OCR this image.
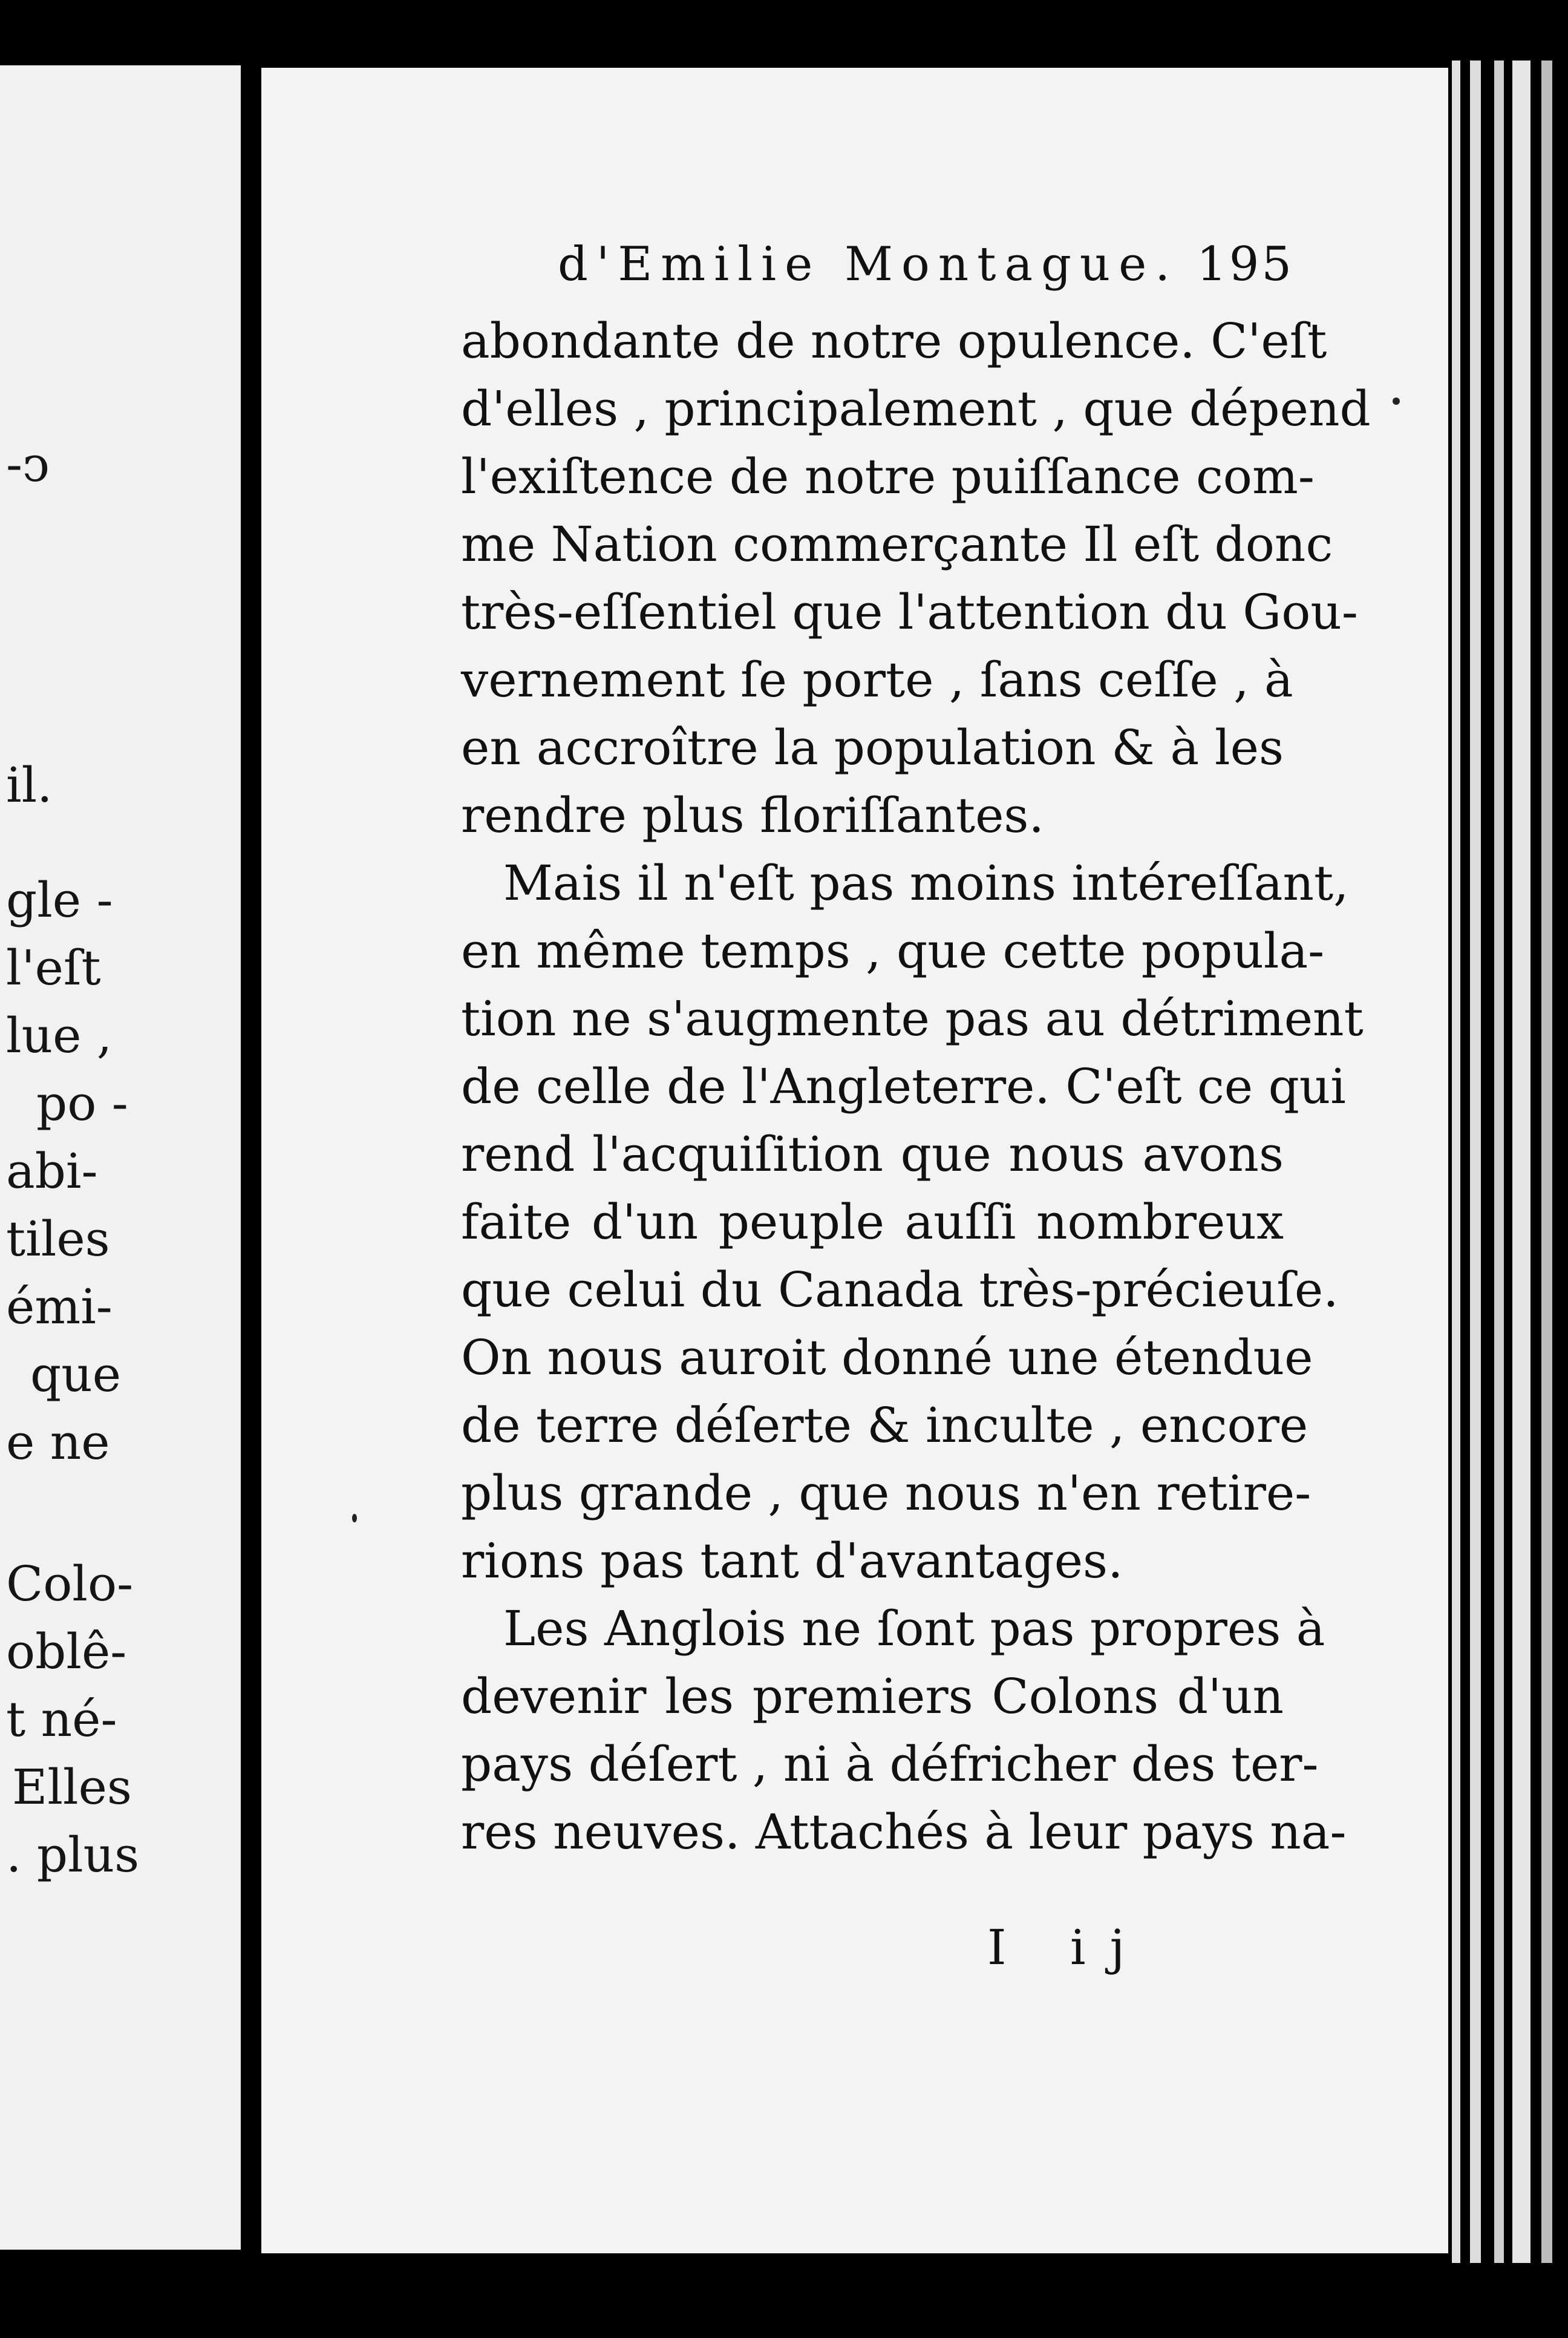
-ↄ
il.
gle -
l'eſt
lue ,
po -
abi-
tiles
émi-
que
e ne
Colo-
oblê-
t né-
Elles
. plus
d'Emilie Montague. 195
abondante de notre opulence. C'eſt
d'elles , principalement , que dépend
l'exiſtence de notre puiſſance com-
me Nation commerçante Il eſt donc
très-eſſentiel que l'attention du Gou-
vernement ſe porte , ſans ceſſe , à
en accroître la population & à les
rendre plus floriſſantes.
Mais il n'eſt pas moins intéreſſant,
en même temps , que cette popula-
tion ne s'augmente pas au détriment
de celle de l'Angleterre. C'eſt ce qui
rend l'acquiſition que nous avons
faite d'un peuple auſſi nombreux
que celui du Canada très-précieuſe.
On nous auroit donné une étendue
de terre déſerte & inculte , encore
plus grande , que nous n'en retire-
rions pas tant d'avantages.
Les Anglois ne ſont pas propres à
devenir les premiers Colons d'un
pays déſert , ni à défricher des ter-
res neuves. Attachés à leur pays na-
I ij
